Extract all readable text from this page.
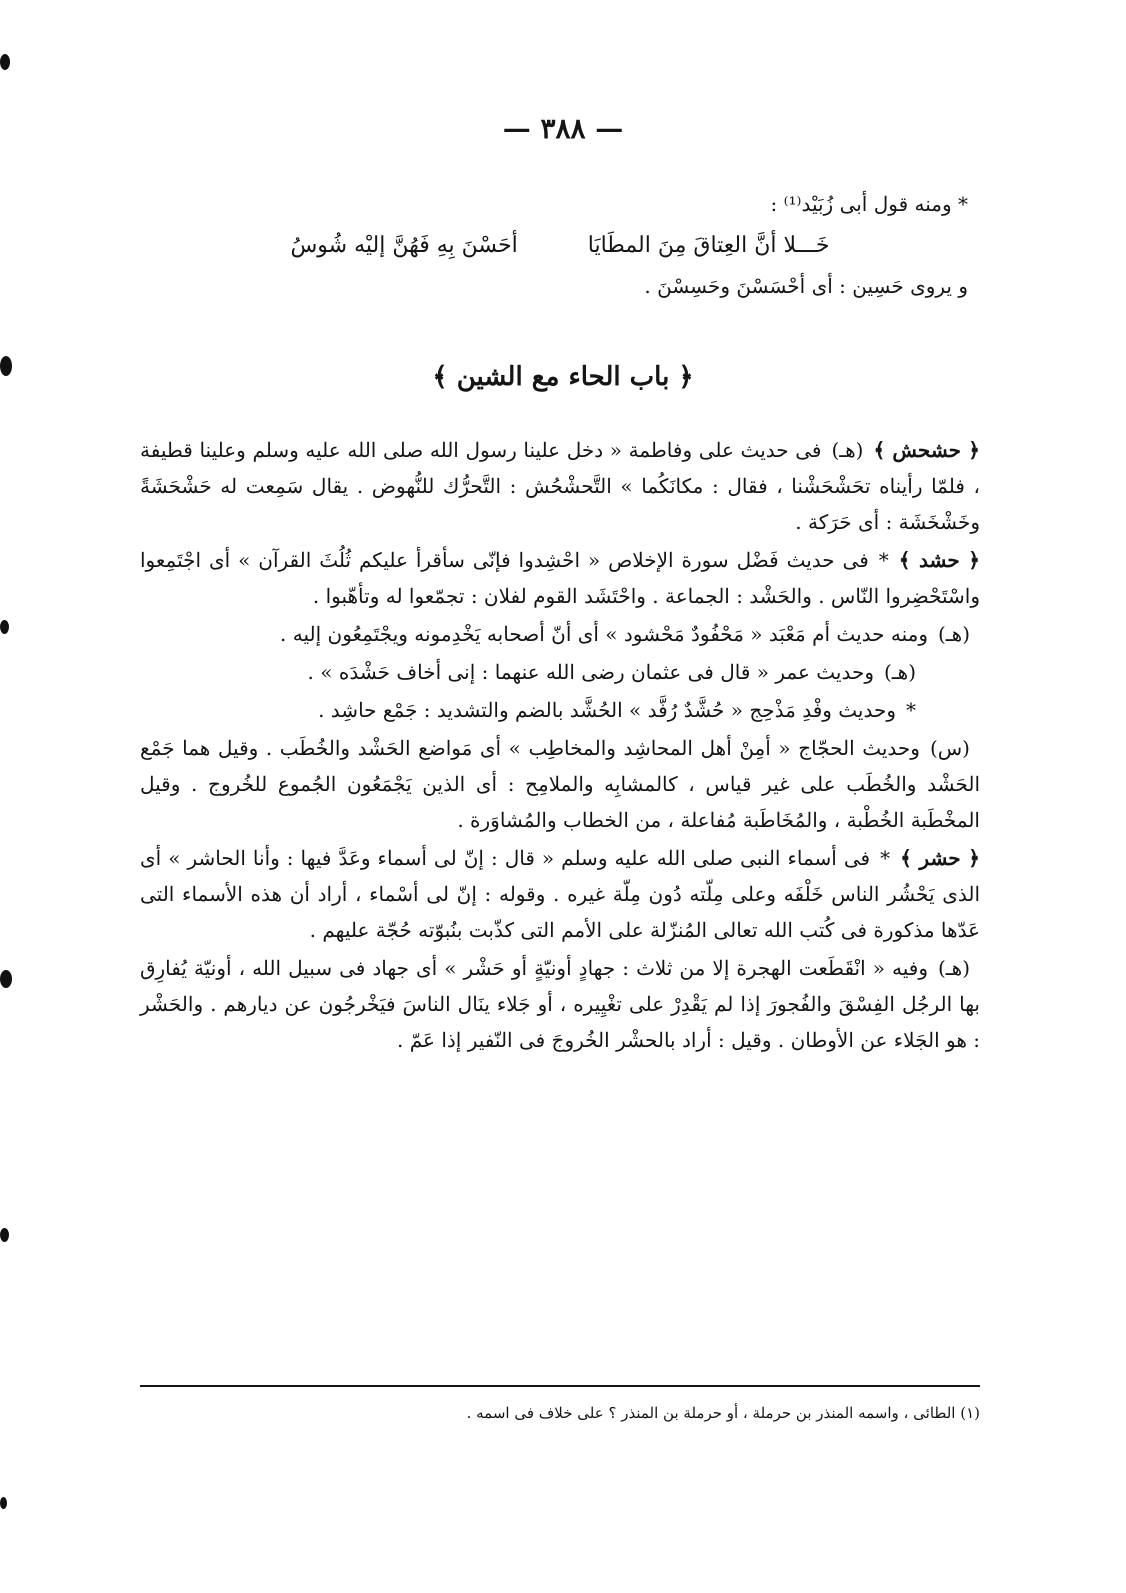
— ٣٨٨ —
* ومنه قول أبى زُبَيْد⁽¹⁾ :
خَـــلا أنَّ العِتاقَ مِنَ المطَايَا
أحَسْنَ بِهِ فَهُنَّ إليْه شُوسُ
و يروى حَسِين : أى أحْسَسْنَ وحَسِسْنَ .
﴿ باب الحاء مع الشين ﴾

﴿ حشحش ﴾(هـ)فى حديث على وفاطمة « دخل علينا رسول الله صلى الله عليه وسلم وعلينا قطيفة ، فلمّا رأيناه تحَشْحَشْنا ، فقال : مكانَكُما » التَّحشْحُش : التَّحرُّك للنُّهوض . يقال سَمِعت له حَشْحَشَةً وخَشْخَشَة : أى حَرَكة .

﴿ حشد ﴾*فى حديث فَضْل سورة الإخلاص « احْشِدوا فإنّى سأقرأ عليكم ثُلُثَ القرآن » أى اجْتَمِعوا واسْتَحْضِروا النّاس . والحَشْد : الجماعة . واحْتَشَد القوم لفلان : تجمّعوا له وتأهّبوا .

(هـ)ومنه حديث أم مَعْبَد « مَحْفُودٌ مَحْشود » أى أنّ أصحابه يَخْدِمونه ويجْتَمِعُون إليه .

(هـ)وحديث عمر « قال فى عثمان رضى الله عنهما : إنى أخاف حَشْدَه » .

*وحديث وفْدِ مَذْحِج « حُشَّدٌ رُفَّد » الحُشَّد بالضم والتشديد : جَمْع حاشِد .

(س)وحديث الحجّاج « أمِنْ أهل المحاشِد والمخاطِب » أى مَواضع الحَشْد والخُطَب . وقيل هما جَمْع الحَشْد والخُطَب على غير قياس ، كالمشابِه والملامِح : أى الذين يَجْمَعُون الجُموع للخُروج . وقيل المخْطَبة الخُطْبة ، والمُخَاطَبة مُفاعلة ، من الخطاب والمُشاوَرة .

﴿ حشر ﴾*فى أسماء النبى صلى الله عليه وسلم « قال : إنّ لى أسماء وعَدَّ فيها : وأنا الحاشر » أى الذى يَحْشُر الناس خَلْفَه وعلى مِلّته دُون مِلّة غيره . وقوله : إنّ لى أسْماء ، أراد أن هذه الأسماء التى عَدّها مذكورة فى كُتب الله تعالى المُنزّلة على الأمم التى كذّبت بنُبوّته حُجّة عليهم .

(هـ)وفيه « انْقَطَعت الهجرة إلا من ثلاث : جهادٍ أونيّةٍ أو حَشْر » أى جهاد فى سبيل الله ، أونيّة يُفارِق بها الرجُل الفِسْقَ والفُجورَ إذا لم يَقْدِرْ على تغْيِيره ، أو جَلاء ينَال الناسَ فيَخْرجُون عن ديارهم . والحَشْر : هو الجَلاء عن الأوطان . وقيل : أراد بالحشْر الخُروجَ فى النّفير إذا عَمّ .

(١) الطائى ، واسمه المنذر بن حرملة ، أو حرملة بن المنذر ؟ على خلاف فى اسمه .
